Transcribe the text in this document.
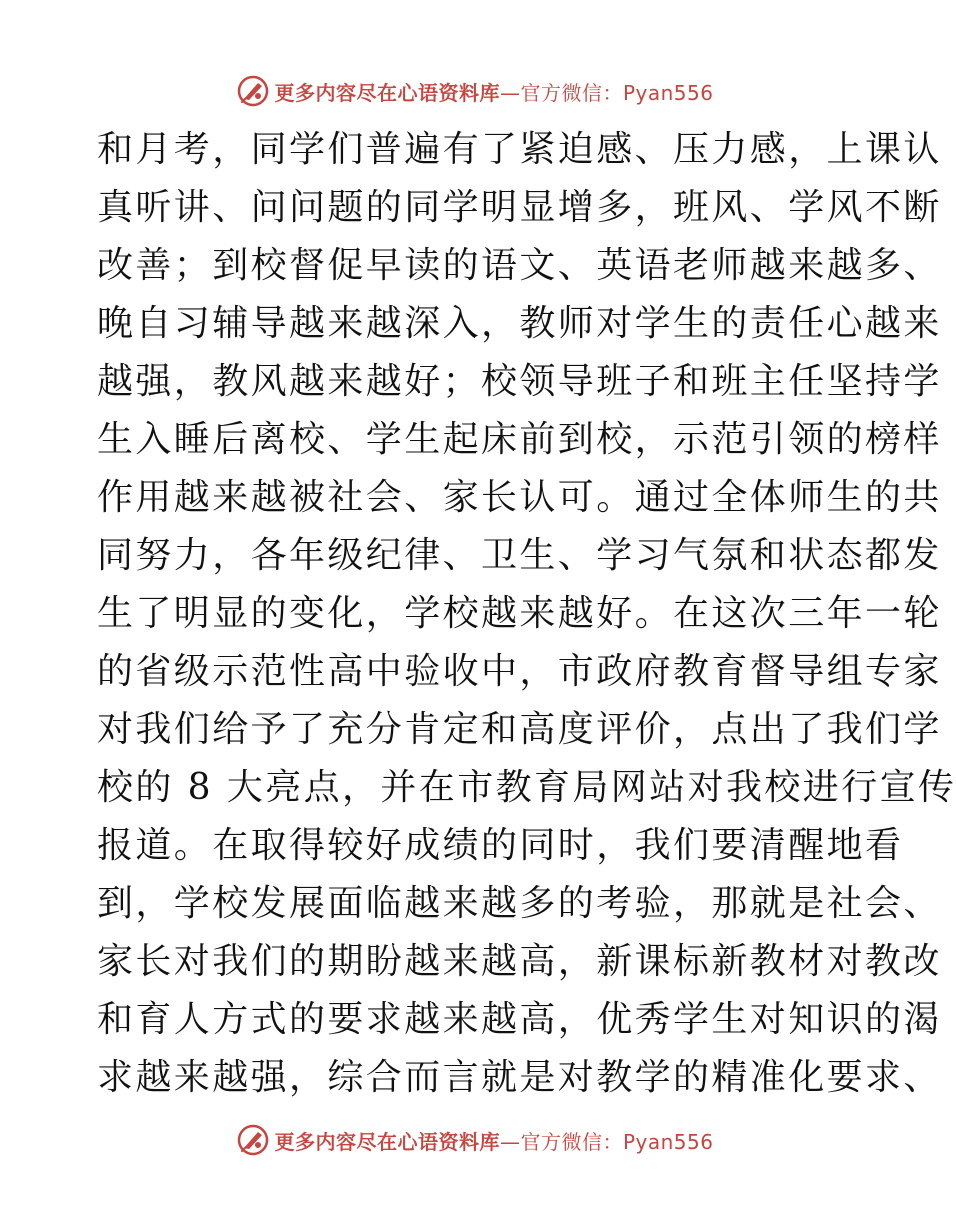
更多内容尽在心语资料库—官方微信：Pyan556
和月考，同学们普遍有了紧迫感、压力感，上课认
真听讲、问问题的同学明显增多，班风、学风不断
改善；到校督促早读的语文、英语老师越来越多、
晚自习辅导越来越深入，教师对学生的责任心越来
越强，教风越来越好；校领导班子和班主任坚持学
生入睡后离校、学生起床前到校，示范引领的榜样
作用越来越被社会、家长认可。通过全体师生的共
同努力，各年级纪律、卫生、学习气氛和状态都发
生了明显的变化，学校越来越好。在这次三年一轮
的省级示范性高中验收中，市政府教育督导组专家
对我们给予了充分肯定和高度评价，点出了我们学
校的 8 大亮点，并在市教育局网站对我校进行宣传
报道。在取得较好成绩的同时，我们要清醒地看
到，学校发展面临越来越多的考验，那就是社会、
家长对我们的期盼越来越高，新课标新教材对教改
和育人方式的要求越来越高，优秀学生对知识的渴
求越来越强，综合而言就是对教学的精准化要求、
更多内容尽在心语资料库—官方微信：Pyan556
